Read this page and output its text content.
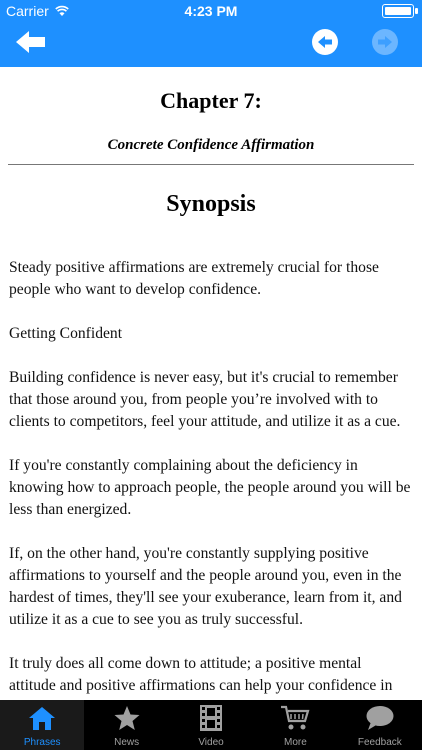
Carrier	4:23 PM
Chapter 7:
Concrete Confidence Affirmation
Synopsis

Steady positive affirmations are extremely crucial for those people who want to develop confidence.

Getting Confident

Building confidence is never easy, but it's crucial to remember that those around you, from people you’re involved with to clients to competitors, feel your attitude, and utilize it as a cue.

If you're constantly complaining about the deficiency in knowing how to approach people, the people around you will be less than energized.

If, on the other hand, you're constantly supplying positive affirmations to yourself and the people around you, even in the hardest of times, they'll see your exuberance, learn from it, and utilize it as a cue to see you as truly successful.

It truly does all come down to attitude; a positive mental attitude and positive affirmations can help your confidence in

Phrases	News	Video	More	Feedback
